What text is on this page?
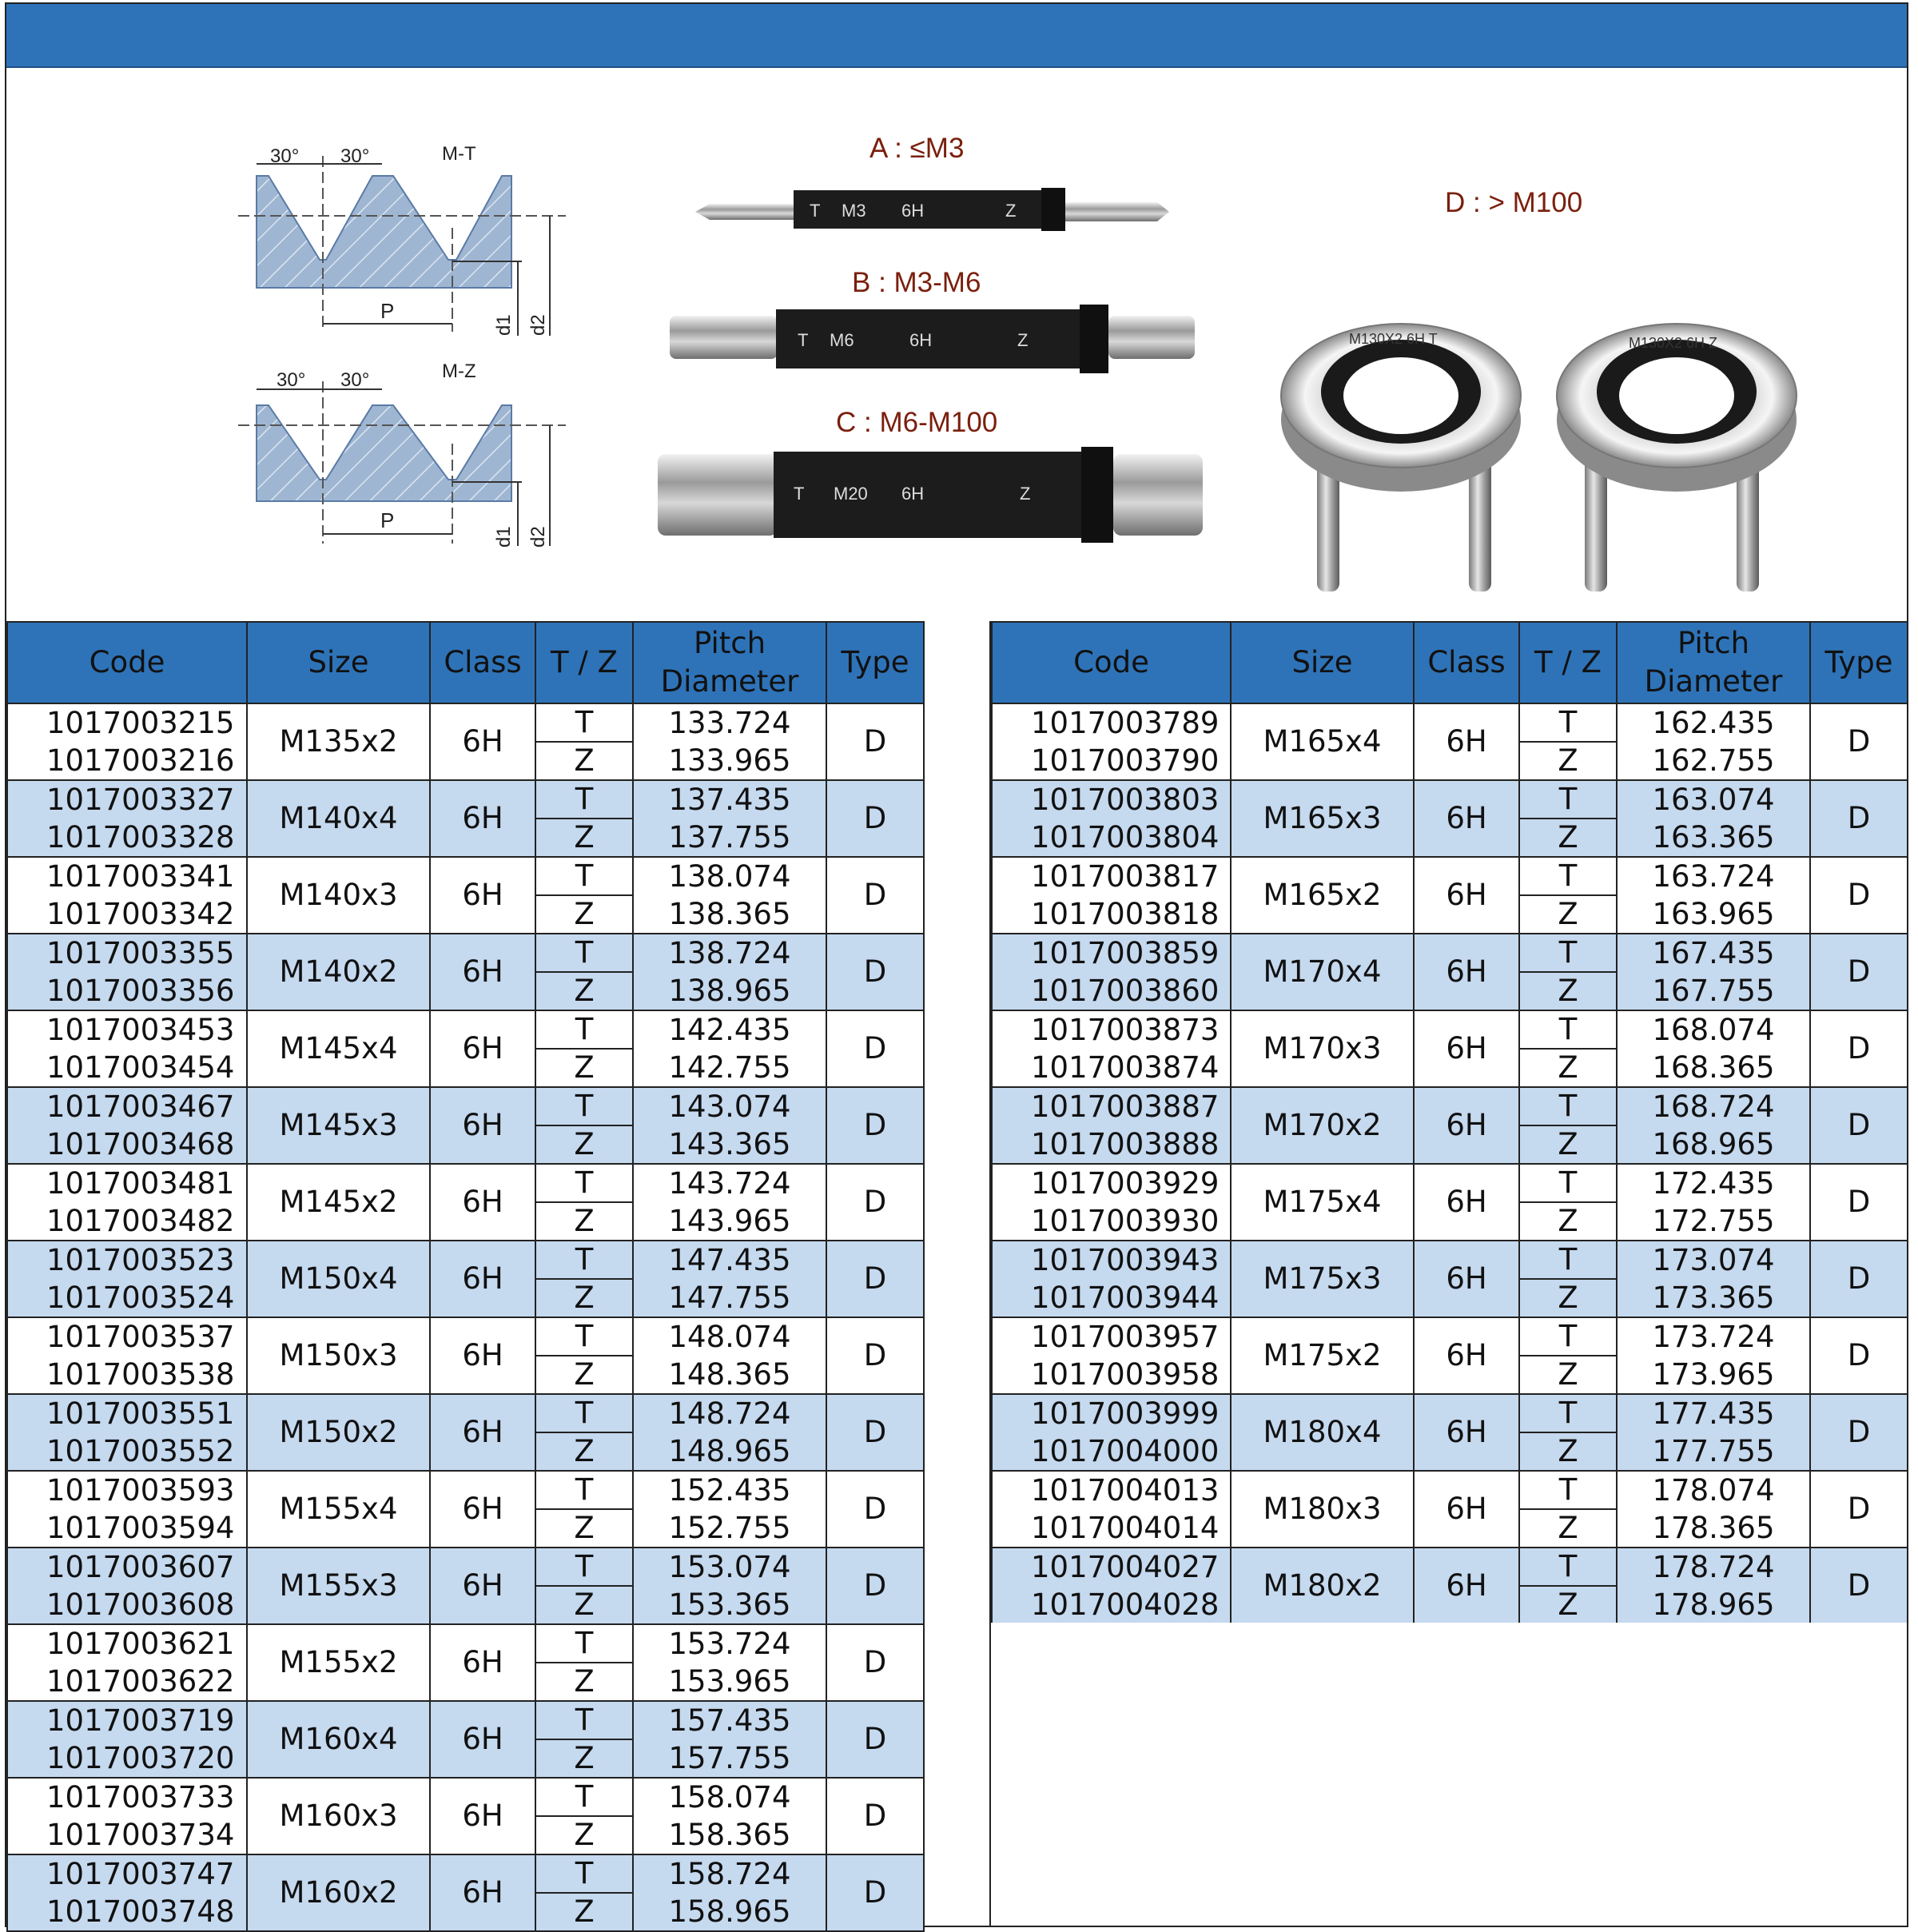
30° 30°	M-T
P
d1 d2
30° 30°	M-Z
P
d1 d2
A : ≤M3
T M3 6H	Z
B : M3-M6
T M6	6H	Z
C : M6-M100
T M20 6H	Z
D : > M100
M130X2 6H T	M130X2 6H Z
Code	Size	Class	T / Z	Pitch
Diameter	Type
1017003215	M135x2	6H	T	133.724	D
1017003216			Z	133.965	
1017003327	M140x4	6H	T	137.435	D
1017003328			Z	137.755	
1017003341	M140x3	6H	T	138.074	D
1017003342			Z	138.365	
1017003355	M140x2	6H	T	138.724	D
1017003356			Z	138.965	
1017003453	M145x4	6H	T	142.435	D
1017003454			Z	142.755	
1017003467	M145x3	6H	T	143.074	D
1017003468			Z	143.365	
1017003481	M145x2	6H	T	143.724	D
1017003482			Z	143.965	
1017003523	M150x4	6H	T	147.435	D
1017003524			Z	147.755	
1017003537	M150x3	6H	T	148.074	D
1017003538			Z	148.365	
1017003551	M150x2	6H	T	148.724	D
1017003552			Z	148.965	
1017003593	M155x4	6H	T	152.435	D
1017003594			Z	152.755	
1017003607	M155x3	6H	T	153.074	D
1017003608			Z	153.365	
1017003621	M155x2	6H	T	153.724	D
1017003622			Z	153.965	
1017003719	M160x4	6H	T	157.435	D
1017003720			Z	157.755	
1017003733	M160x3	6H	T	158.074	D
1017003734			Z	158.365	
1017003747	M160x2	6H	T	158.724	D
1017003748			Z	158.965	
Code	Size	Class	T / Z	Pitch
Diameter	Type
1017003789	M165x4	6H	T	162.435	D
1017003790			Z	162.755	
1017003803	M165x3	6H	T	163.074	D
1017003804			Z	163.365	
1017003817	M165x2	6H	T	163.724	D
1017003818			Z	163.965	
1017003859	M170x4	6H	T	167.435	D
1017003860			Z	167.755	
1017003873	M170x3	6H	T	168.074	D
1017003874			Z	168.365	
1017003887	M170x2	6H	T	168.724	D
1017003888			Z	168.965	
1017003929	M175x4	6H	T	172.435	D
1017003930			Z	172.755	
1017003943	M175x3	6H	T	173.074	D
1017003944			Z	173.365	
1017003957	M175x2	6H	T	173.724	D
1017003958			Z	173.965	
1017003999	M180x4	6H	T	177.435	D
1017004000			Z	177.755	
1017004013	M180x3	6H	T	178.074	D
1017004014			Z	178.365	
1017004027	M180x2	6H	T	178.724	D
1017004028			Z	178.965	
